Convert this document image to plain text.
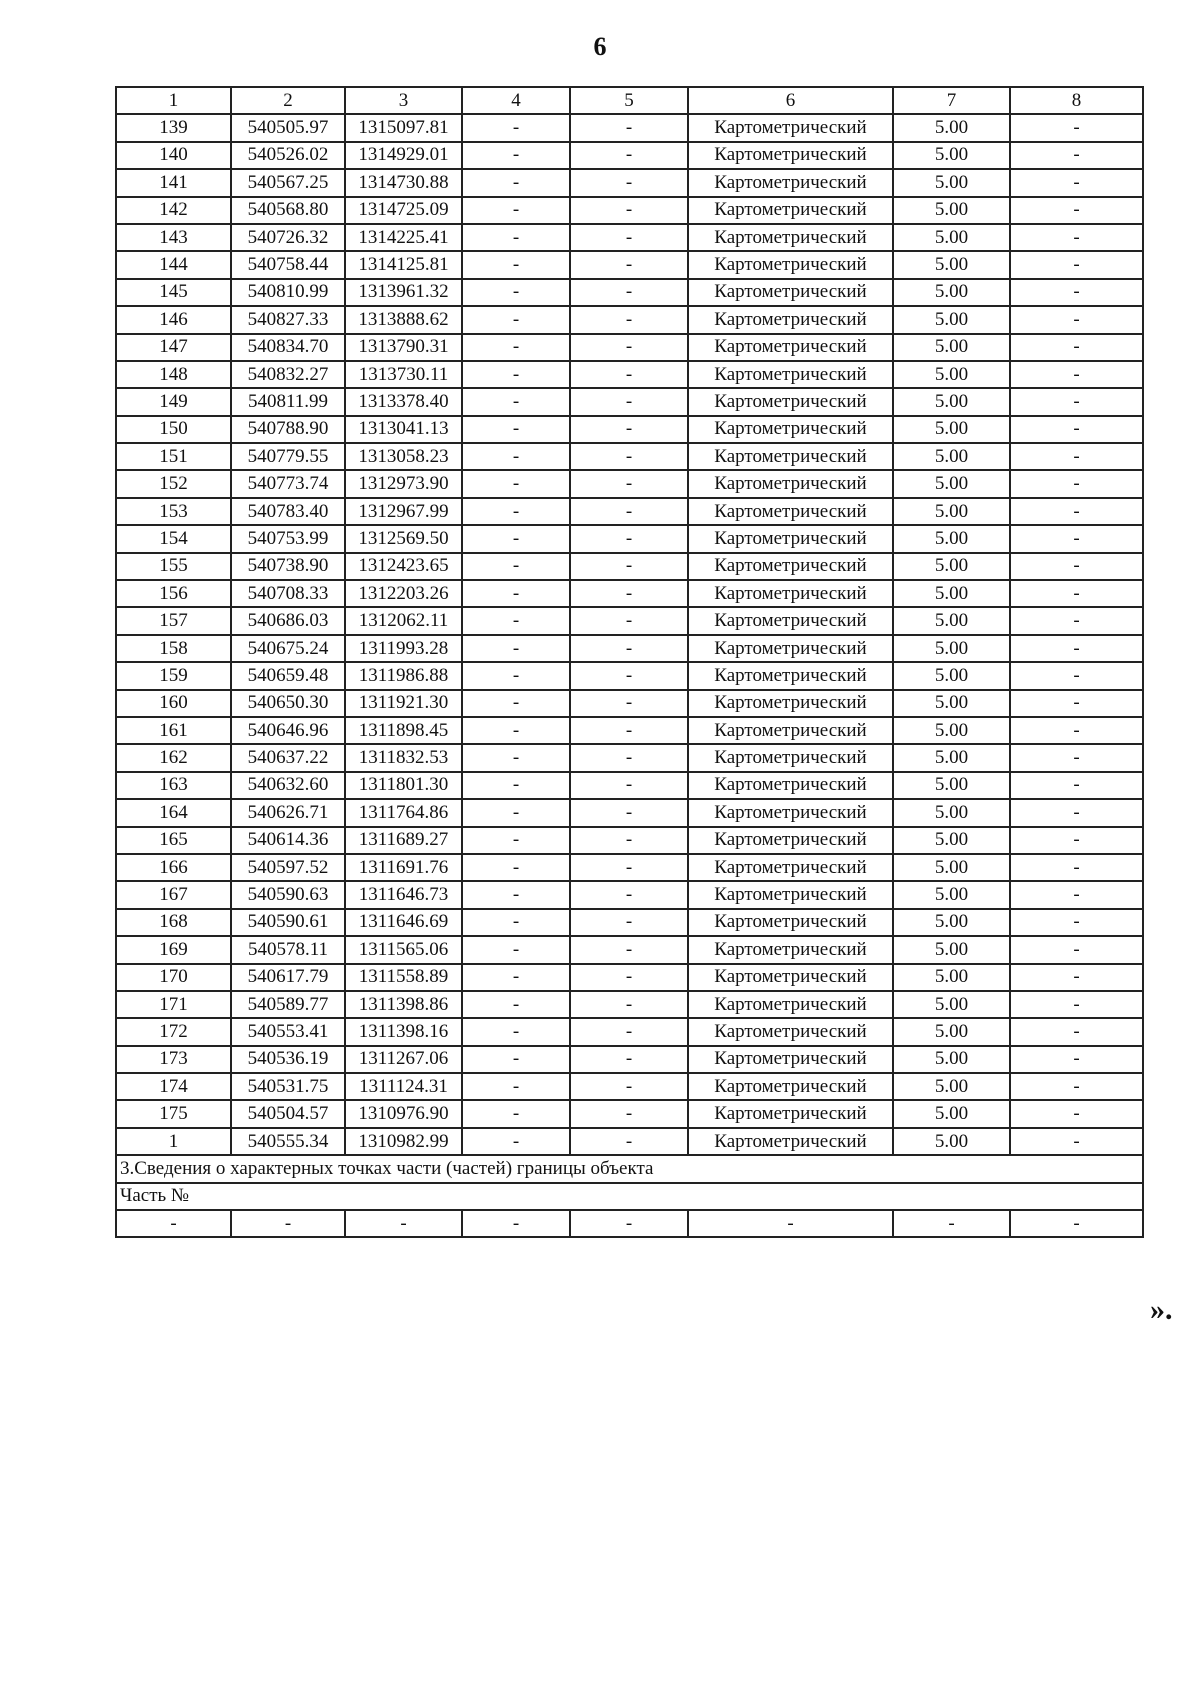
6
1	2	3	4	5	6	7	8
139	540505.97	1315097.81	-	-	Картометрический	5.00	-
140	540526.02	1314929.01	-	-	Картометрический	5.00	-
141	540567.25	1314730.88	-	-	Картометрический	5.00	-
142	540568.80	1314725.09	-	-	Картометрический	5.00	-
143	540726.32	1314225.41	-	-	Картометрический	5.00	-
144	540758.44	1314125.81	-	-	Картометрический	5.00	-
145	540810.99	1313961.32	-	-	Картометрический	5.00	-
146	540827.33	1313888.62	-	-	Картометрический	5.00	-
147	540834.70	1313790.31	-	-	Картометрический	5.00	-
148	540832.27	1313730.11	-	-	Картометрический	5.00	-
149	540811.99	1313378.40	-	-	Картометрический	5.00	-
150	540788.90	1313041.13	-	-	Картометрический	5.00	-
151	540779.55	1313058.23	-	-	Картометрический	5.00	-
152	540773.74	1312973.90	-	-	Картометрический	5.00	-
153	540783.40	1312967.99	-	-	Картометрический	5.00	-
154	540753.99	1312569.50	-	-	Картометрический	5.00	-
155	540738.90	1312423.65	-	-	Картометрический	5.00	-
156	540708.33	1312203.26	-	-	Картометрический	5.00	-
157	540686.03	1312062.11	-	-	Картометрический	5.00	-
158	540675.24	1311993.28	-	-	Картометрический	5.00	-
159	540659.48	1311986.88	-	-	Картометрический	5.00	-
160	540650.30	1311921.30	-	-	Картометрический	5.00	-
161	540646.96	1311898.45	-	-	Картометрический	5.00	-
162	540637.22	1311832.53	-	-	Картометрический	5.00	-
163	540632.60	1311801.30	-	-	Картометрический	5.00	-
164	540626.71	1311764.86	-	-	Картометрический	5.00	-
165	540614.36	1311689.27	-	-	Картометрический	5.00	-
166	540597.52	1311691.76	-	-	Картометрический	5.00	-
167	540590.63	1311646.73	-	-	Картометрический	5.00	-
168	540590.61	1311646.69	-	-	Картометрический	5.00	-
169	540578.11	1311565.06	-	-	Картометрический	5.00	-
170	540617.79	1311558.89	-	-	Картометрический	5.00	-
171	540589.77	1311398.86	-	-	Картометрический	5.00	-
172	540553.41	1311398.16	-	-	Картометрический	5.00	-
173	540536.19	1311267.06	-	-	Картометрический	5.00	-
174	540531.75	1311124.31	-	-	Картометрический	5.00	-
175	540504.57	1310976.90	-	-	Картометрический	5.00	-
1	540555.34	1310982.99	-	-	Картометрический	5.00	-
3.Сведения о характерных точках части (частей) границы объекта							
Часть №							
-	-	-	-	-	-	-	-
».
